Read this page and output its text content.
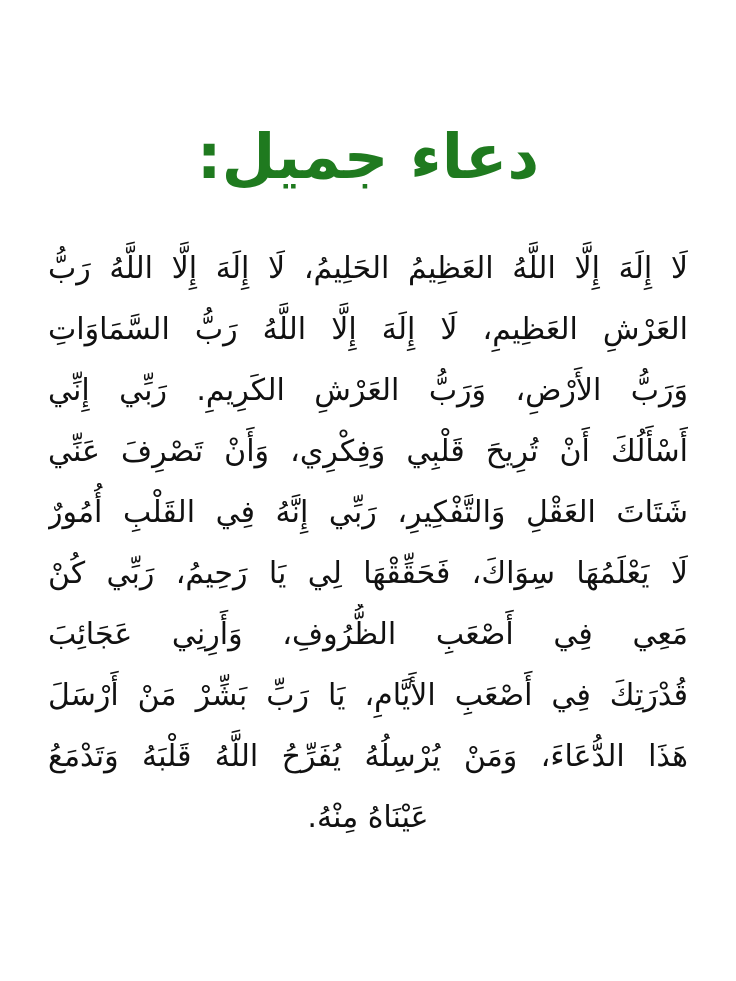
دعاء جميل:
لَا إِلَهَ إِلَّا اللَّهُ العَظِيمُ الحَلِيمُ، لَا إِلَهَ إِلَّا اللَّهُ رَبُّ
العَرْشِ العَظِيمِ، لَا إِلَهَ إِلَّا اللَّهُ رَبُّ السَّمَاوَاتِ
وَرَبُّ الأَرْضِ، وَرَبُّ العَرْشِ الكَرِيمِ. رَبِّي إِنِّي
أَسْأَلُكَ أَنْ تُرِيحَ قَلْبِي وَفِكْرِي، وَأَنْ تَصْرِفَ عَنِّي
شَتَاتَ العَقْلِ وَالتَّفْكِيرِ، رَبِّي إِنَّهُ فِي القَلْبِ أُمُورٌ
لَا يَعْلَمُهَا سِوَاكَ، فَحَقِّقْهَا لِي يَا رَحِيمُ، رَبِّي كُنْ
مَعِي فِي أَصْعَبِ الظُّرُوفِ، وَأَرِنِي عَجَائِبَ
قُدْرَتِكَ فِي أَصْعَبِ الأَيَّامِ، يَا رَبِّ بَشِّرْ مَنْ أَرْسَلَ
هَذَا الدُّعَاءَ، وَمَنْ يُرْسِلُهُ يُفَرِّحُ اللَّهُ قَلْبَهُ وَتَدْمَعُ
عَيْنَاهُ مِنْهُ.
